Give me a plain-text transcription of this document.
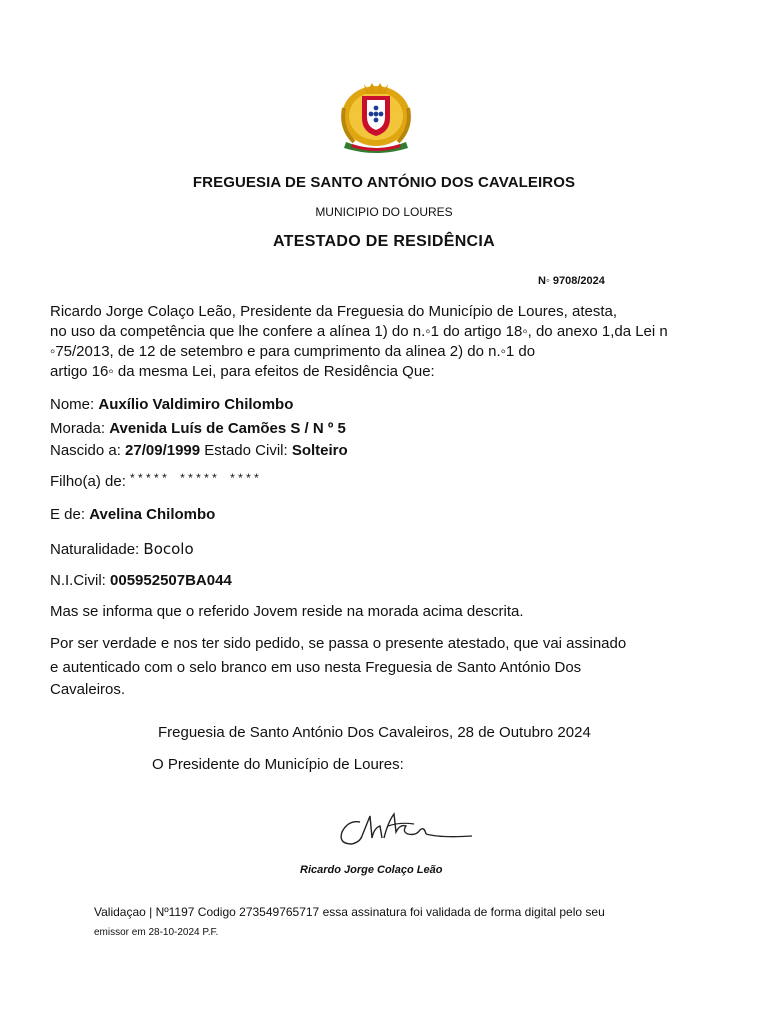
FREGUESIA DE SANTO ANTÓNIO DOS CAVALEIROS
MUNICIPIO DO LOURES
ATESTADO DE RESIDÊNCIA
N◦ 9708/2024
Ricardo Jorge Colaço Leão, Presidente da Freguesia do Município de Loures, atesta,
no uso da competência que lhe confere a alínea 1) do n.◦1 do artigo 18◦, do anexo 1,da Lei n
◦75/2013, de 12 de setembro e para cumprimento da alinea 2) do n.◦1 do
artigo 16◦ da mesma Lei, para efeitos de Residência Que:
Nome: Auxílio Valdimiro Chilombo
Morada: Avenida Luís de Camões S / N º 5
Nascido a: 27/09/1999 Estado Civil: Solteiro
Filho(a) de: * * * * *    * * * * *    * * * *
E de: Avelina Chilombo
Naturalidade: Bocolo
N.I.Civil: 005952507BA044
Mas se informa que o referido Jovem reside na morada acima descrita.
Por ser verdade e nos ter sido pedido, se passa o presente atestado, que vai assinado
e autenticado com o selo branco em uso nesta Freguesia de Santo António Dos
Cavaleiros.
Freguesia de Santo António Dos Cavaleiros, 28 de Outubro 2024
O Presidente do Município de Loures:
Ricardo Jorge Colaço Leão
Validaçao | Nº1197 Codigo 273549765717 essa assinatura foi validada de forma digital pelo seu
emissor em 28-10-2024 P.F.
